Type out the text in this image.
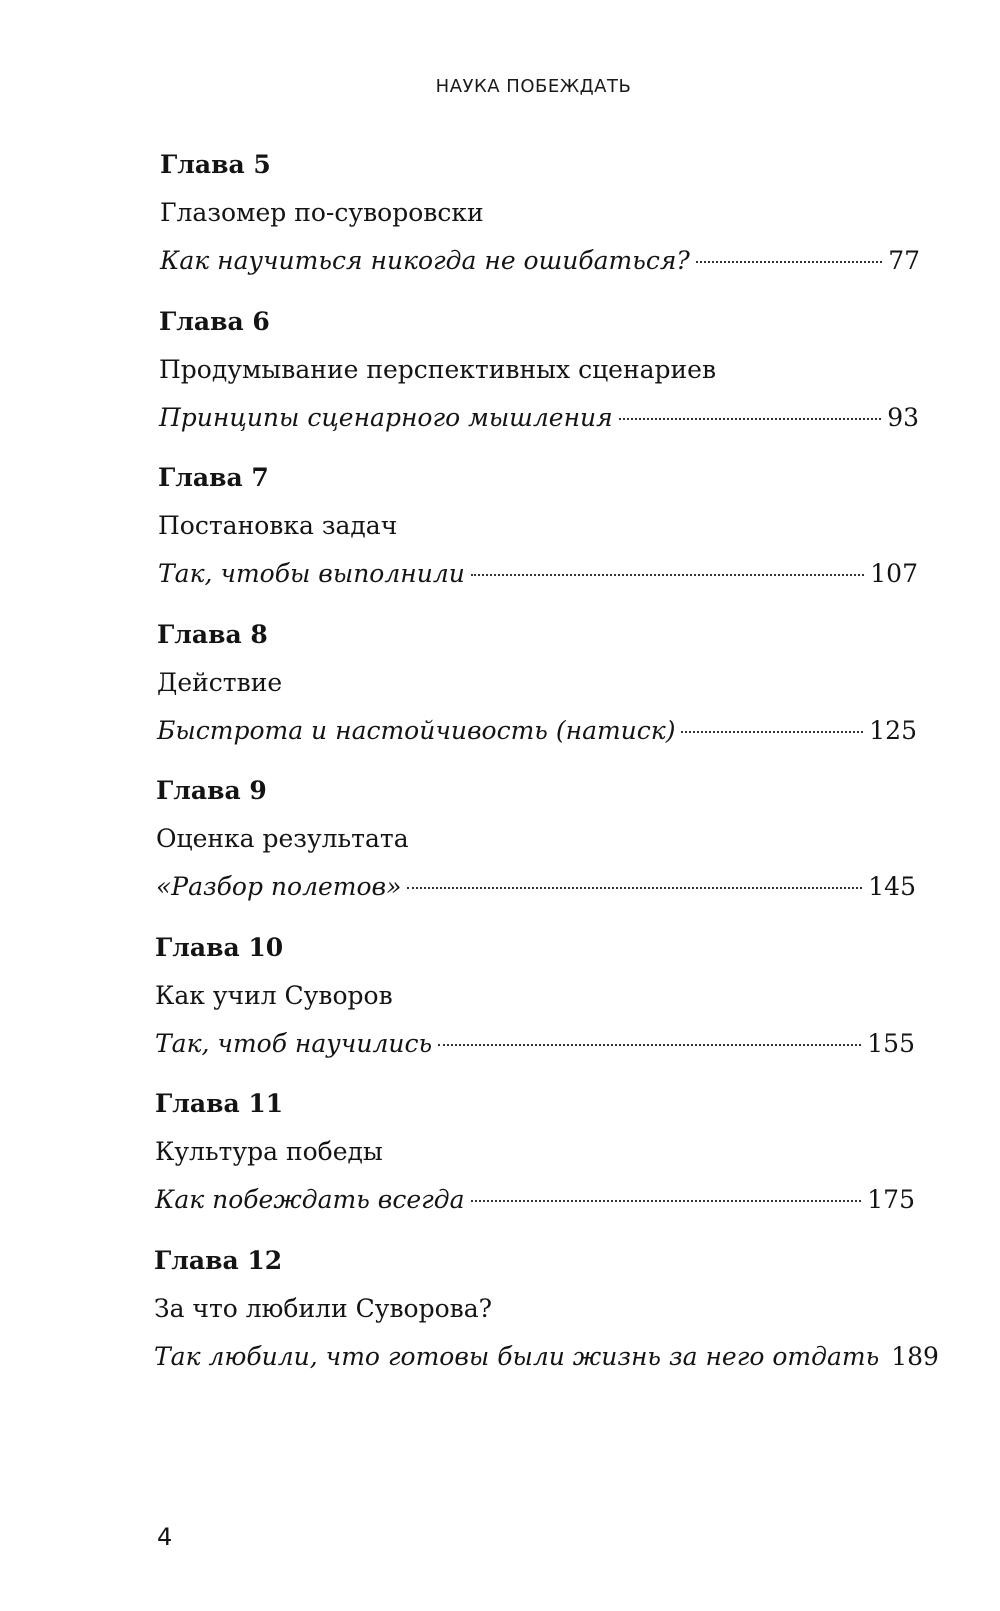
НАУКА ПОБЕЖДАТЬ
Глава 5
Глазомер по-суворовски
Как научиться никогда не ошибаться?	77
Глава 6
Продумывание перспективных сценариев
Принципы сценарного мышления	93
Глава 7
Постановка задач
Так, чтобы выполнили	107
Глава 8
Действие
Быстрота и настойчивость (натиск)	125
Глава 9
Оценка результата
«Разбор полетов»	145
Глава 10
Как учил Суворов
Так, чтоб научились	155
Глава 11
Культура победы
Как побеждать всегда	175
Глава 12
За что любили Суворова?
Так любили, что готовы были жизнь за него отдать 189
4
